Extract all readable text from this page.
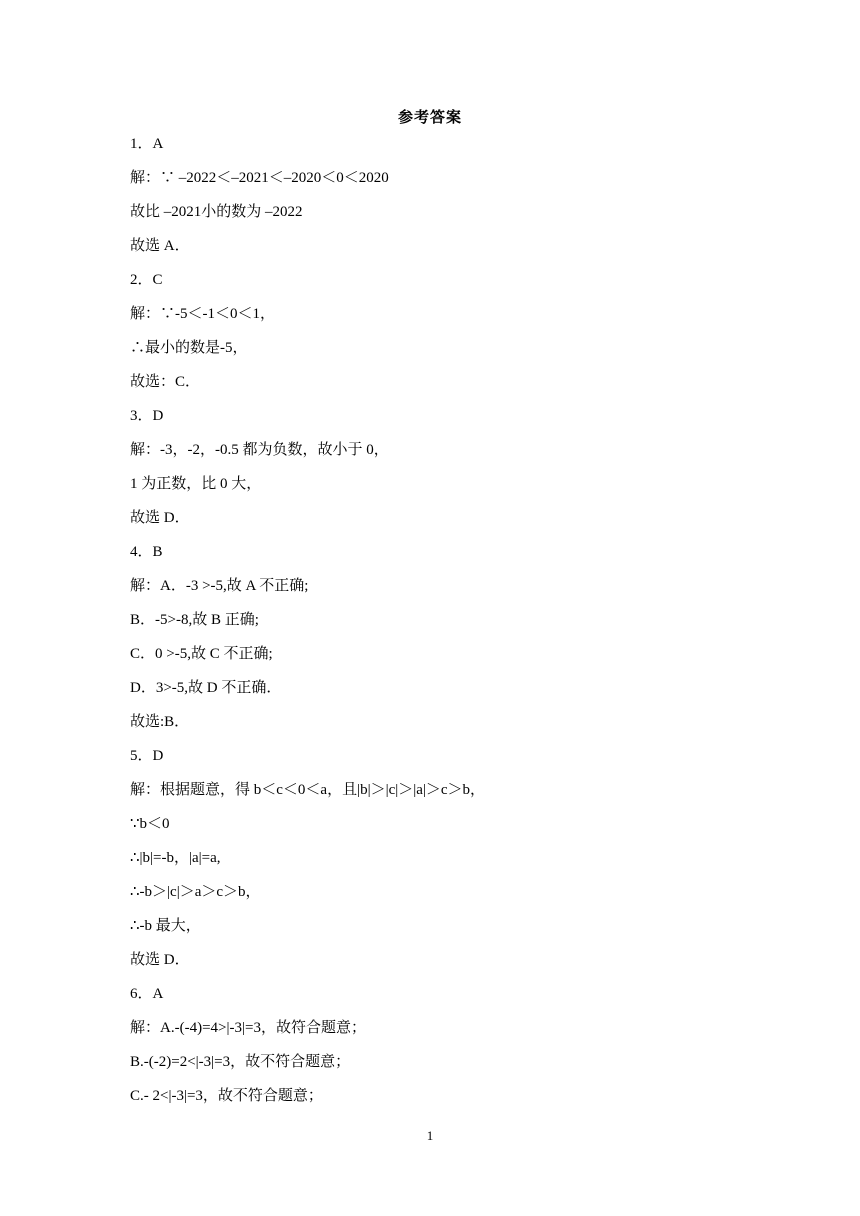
参考答案
1．A
解：∵ –2022＜–2021＜–2020＜0＜2020
故比 –2021小的数为 –2022
故选 A．
2．C
解：∵-5＜-1＜0＜1，
∴最小的数是-5，
故选：C．
3．D
解：-3，-2，-0.5 都为负数，故小于 0，
1 为正数，比 0 大，
故选 D．
4．B
解：A．-3 >-5,故 A 不正确;
B．-5>-8,故 B 正确;
C．0 >-5,故 C 不正确;
D．3>-5,故 D 不正确．
故选:B．
5．D
解：根据题意，得 b＜c＜0＜a，且|b|＞|c|＞|a|＞c＞b，
∵b＜0
∴|b|=-b，|a|=a,
∴-b＞|c|＞a＞c＞b，
∴-b 最大，
故选 D．
6．A
解：A.-(-4)=4>|-3|=3，故符合题意；
B.-(-2)=2<|-3|=3，故不符合题意；
C.- 2<|-3|=3，故不符合题意；
1
